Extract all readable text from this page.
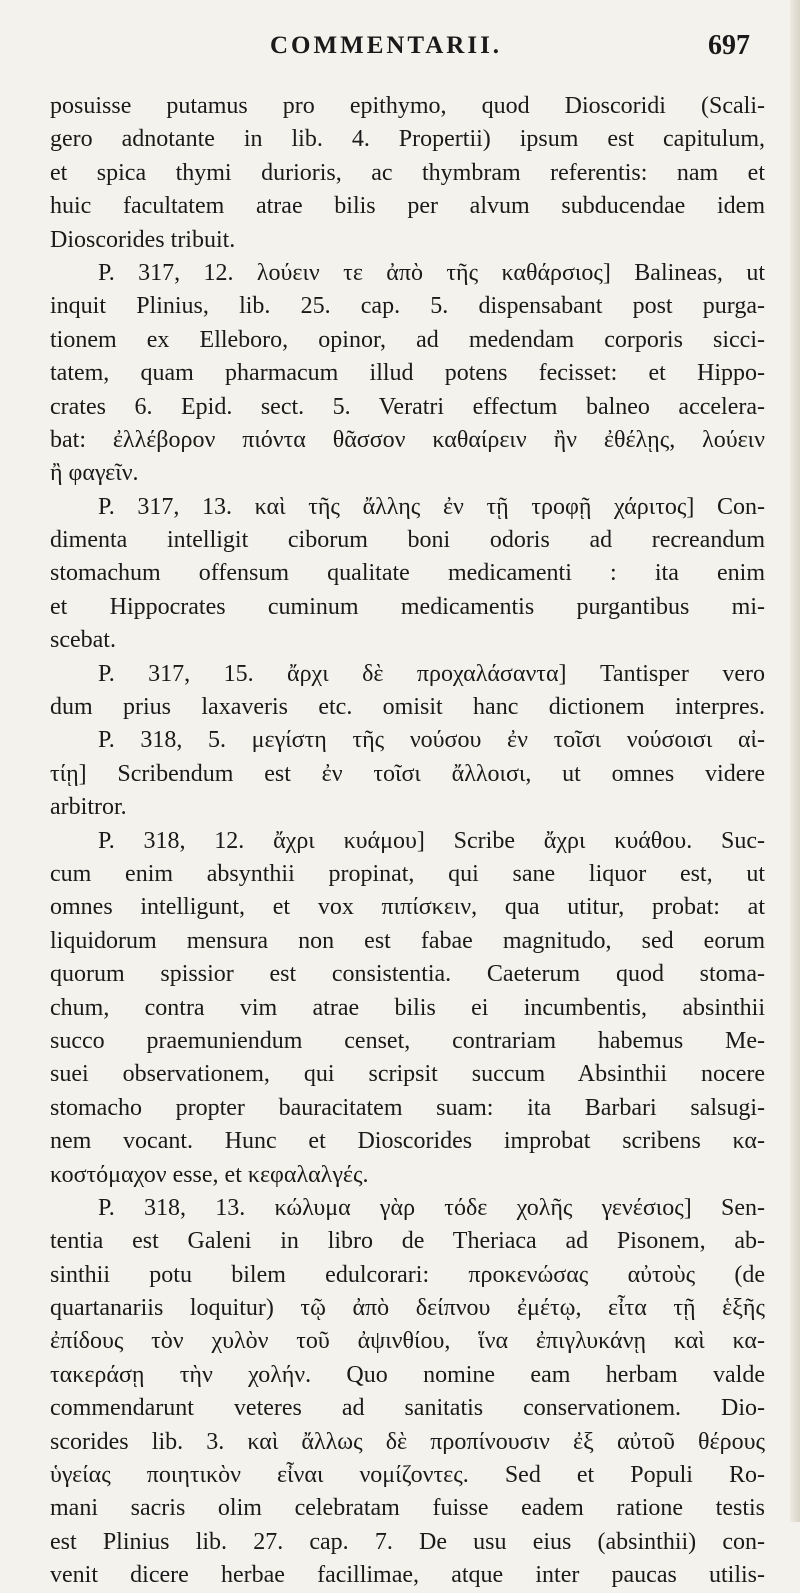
COMMENTARII.	697
posuisse putamus pro epithymo, quod Dioscoridi (Scali-
gero adnotante in lib. 4. Propertii) ipsum est capitulum,
et spica thymi durioris, ac thymbram referentis: nam et
huic facultatem atrae bilis per alvum subducendae idem
Dioscorides tribuit.
P. 317, 12. λούειν τε ἀπὸ τῆς καθάρσιος] Balineas, ut
inquit Plinius, lib. 25. cap. 5. dispensabant post purga-
tionem ex Elleboro, opinor, ad medendam corporis sicci-
tatem, quam pharmacum illud potens fecisset: et Hippo-
crates 6. Epid. sect. 5. Veratri effectum balneo accelera-
bat: ἐλλέβορον πιόντα θᾶσσον καθαίρειν ἢν ἐθέλῃς, λούειν
ἢ φαγεῖν.
P. 317, 13. καὶ τῆς ἄλλης ἐν τῇ τροφῇ χάριτος] Con-
dimenta intelligit ciborum boni odoris ad recreandum
stomachum offensum qualitate medicamenti : ita enim
et Hippocrates cuminum medicamentis purgantibus mi-
scebat.
P. 317, 15. ἄρχι δὲ προχαλάσαντα] Tantisper vero
dum prius laxaveris etc. omisit hanc dictionem interpres.
P. 318, 5. μεγίστη τῆς νούσου ἐν τοῖσι νούσοισι αἰ-
τίῃ] Scribendum est ἐν τοῖσι ἄλλοισι, ut omnes videre
arbitror.
P. 318, 12. ἄχρι κυάμου] Scribe ἄχρι κυάθου. Suc-
cum enim absynthii propinat, qui sane liquor est, ut
omnes intelligunt, et vox πιπίσκειν, qua utitur, probat: at
liquidorum mensura non est fabae magnitudo, sed eorum
quorum spissior est consistentia. Caeterum quod stoma-
chum, contra vim atrae bilis ei incumbentis, absinthii
succo praemuniendum censet, contrariam habemus Me-
suei observationem, qui scripsit succum Absinthii nocere
stomacho propter bauracitatem suam: ita Barbari salsugi-
nem vocant. Hunc et Dioscorides improbat scribens κα-
κοστόμαχον esse, et κεφαλαλγές.
P. 318, 13. κώλυμα γὰρ τόδε χολῆς γενέσιος] Sen-
tentia est Galeni in libro de Theriaca ad Pisonem, ab-
sinthii potu bilem edulcorari: προκενώσας αὐτοὺς (de
quartanariis loquitur) τῷ ἀπὸ δείπνου ἐμέτῳ, εἶτα τῇ ἑξῆς
ἐπίδους τὸν χυλὸν τοῦ ἀψινθίου, ἵνα ἐπιγλυκάνῃ καὶ κα-
τακεράσῃ τὴν χολήν. Quo nomine eam herbam valde
commendarunt veteres ad sanitatis conservationem. Dio-
scorides lib. 3. καὶ ἄλλως δὲ προπίνουσιν ἐξ αὐτοῦ θέρους
ὑγείας ποιητικὸν εἶναι νομίζοντες. Sed et Populi Ro-
mani sacris olim celebratam fuisse eadem ratione testis
est Plinius lib. 27. cap. 7. De usu eius (absinthii) con-
venit dicere herbae facillimae, atque inter paucas utilis-
